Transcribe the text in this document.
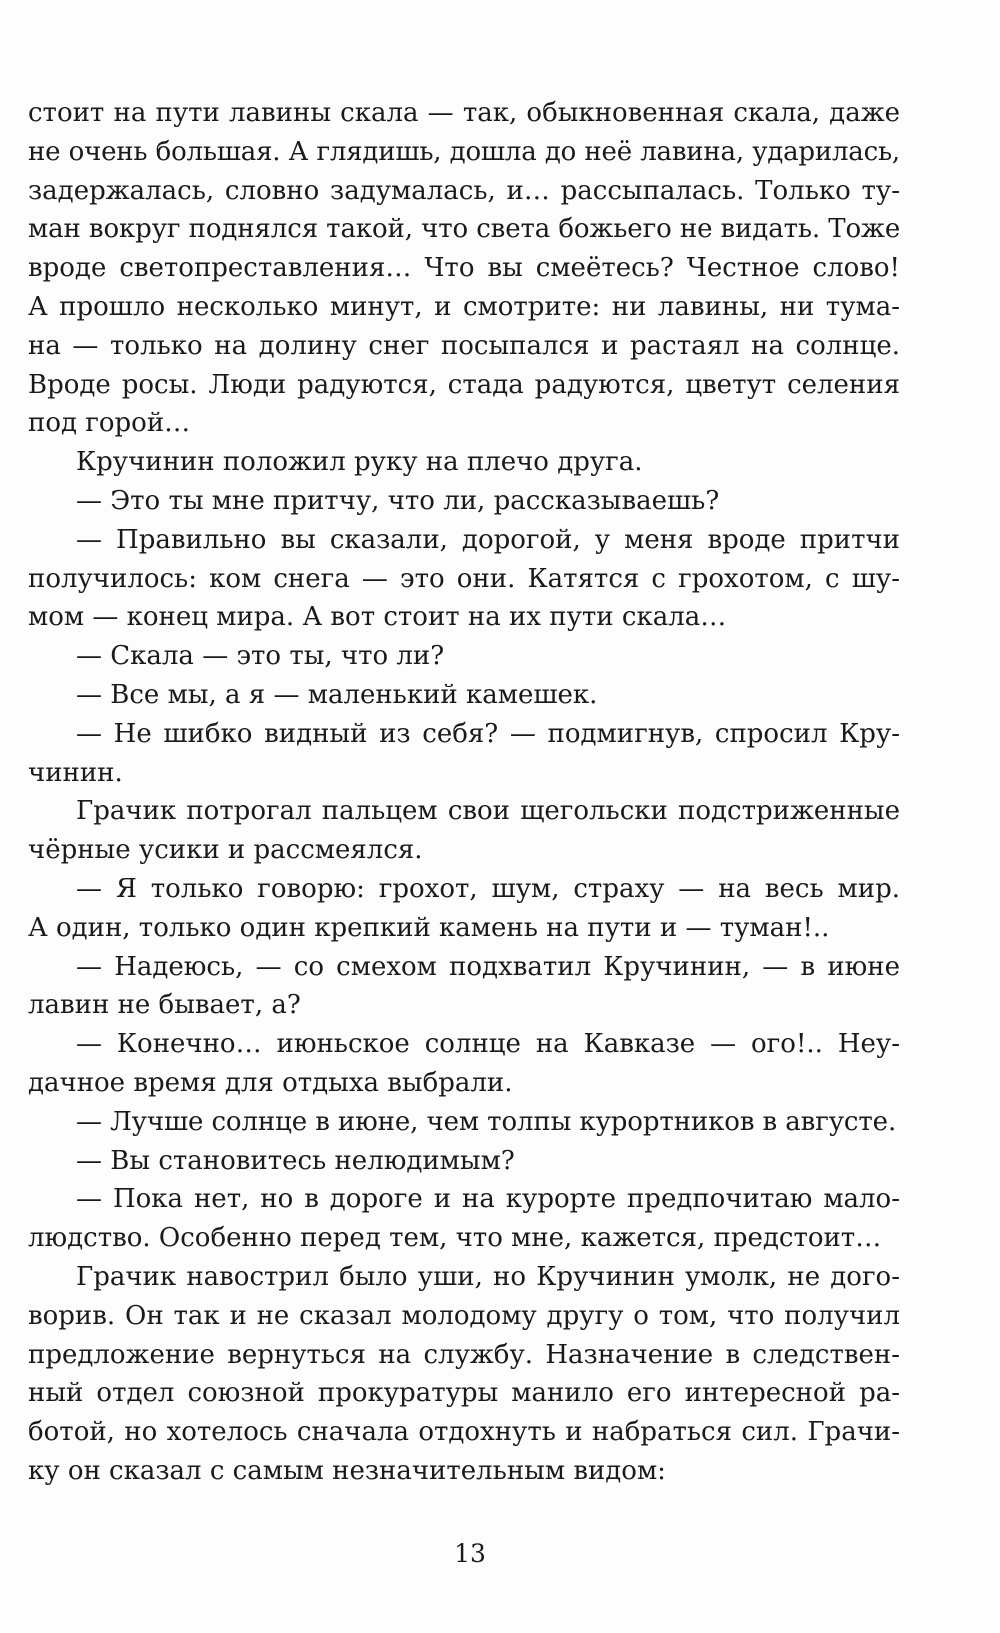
стоит на пути лавины скала — так, обыкновенная скала, даже
не очень большая. А глядишь, дошла до неё лавина, ударилась,
задержалась, словно задумалась, и… рассыпалась. Только ту-
ман вокруг поднялся такой, что света божьего не видать. Тоже
вроде светопреставления… Что вы смеётесь? Честное слово!
А прошло несколько минут, и смотрите: ни лавины, ни тума-
на — только на долину снег посыпался и растаял на солнце.
Вроде росы. Люди радуются, стада радуются, цветут селения
под горой…
Кручинин положил руку на плечо друга.
— Это ты мне притчу, что ли, рассказываешь?
— Правильно вы сказали, дорогой, у меня вроде притчи
получилось: ком снега — это они. Катятся с грохотом, с шу-
мом — конец мира. А вот стоит на их пути скала…
— Скала — это ты, что ли?
— Все мы, а я — маленький камешек.
— Не шибко видный из себя? — подмигнув, спросил Кру-
чинин.
Грачик потрогал пальцем свои щегольски подстриженные
чёрные усики и рассмеялся.
— Я только говорю: грохот, шум, страху — на весь мир.
А один, только один крепкий камень на пути и — туман!..
— Надеюсь, — со смехом подхватил Кручинин, — в июне
лавин не бывает, а?
— Конечно… июньское солнце на Кавказе — ого!.. Неу-
дачное время для отдыха выбрали.
— Лучше солнце в июне, чем толпы курортников в августе.
— Вы становитесь нелюдимым?
— Пока нет, но в дороге и на курорте предпочитаю мало-
людство. Особенно перед тем, что мне, кажется, предстоит…
Грачик навострил было уши, но Кручинин умолк, не дого-
ворив. Он так и не сказал молодому другу о том, что получил
предложение вернуться на службу. Назначение в следствен-
ный отдел союзной прокуратуры манило его интересной ра-
ботой, но хотелось сначала отдохнуть и набраться сил. Грачи-
ку он сказал с самым незначительным видом:
13
